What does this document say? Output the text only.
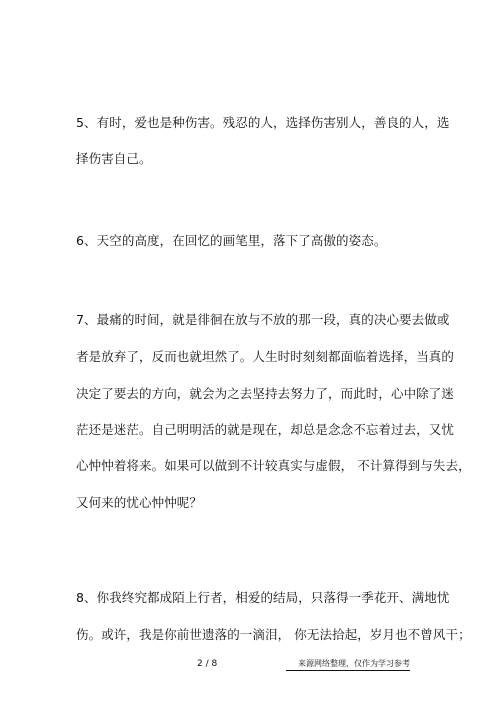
5、有时，爱也是种伤害。残忍的人，选择伤害别人，善良的人，选
择伤害自己。
6、天空的高度，在回忆的画笔里，落下了高傲的姿态。
7、最痛的时间，就是徘徊在放与不放的那一段，真的决心要去做或
者是放弃了，反而也就坦然了。人生时时刻刻都面临着选择，当真的
决定了要去的方向，就会为之去坚持去努力了，而此时，心中除了迷
茫还是迷茫。自己明明活的就是现在，却总是念念不忘着过去，又忧
心忡忡着将来。如果可以做到不计较真实与虚假， 不计算得到与失去，
又何来的忧心忡忡呢？
8、你我终究都成陌上行者，相爱的结局，只落得一季花开、满地忧
伤。或许，我是你前世遗落的一滴泪， 你无法拾起，岁月也不曾风干；
2 / 8	来源网络整理，仅作为学习参考
